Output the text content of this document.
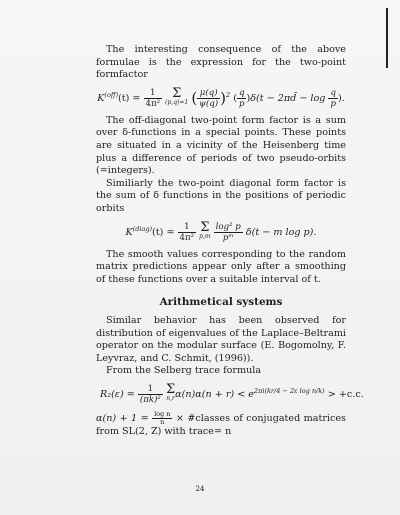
The interesting consequence of the above formulae is the expression for the two-point formfactor

$K^{(off)}(t) = \frac{1}{\text{4π²}}$
Σ
(p,q)=1 ( $\frac{\mu(q)}{\psi(q)} )^2$ ( $\frac{q}{p} )\delta(t$ − 2πd̄ − $\log \frac{q}{p}$ ).

The off-diagonal two-point form factor is a sum over δ-functions in a special points. These points are situated in a vicinity of the Heisenberg time plus a difference of periods of two pseudo-orbits (=integers).

Similiarly the two-point diagonal form factor is the sum of δ functions in the positions of periodic orbits

$K^{(diag)}(t) = \frac{1}{\text{4π²}}$
Σ
p,m
$\frac{\text{log² p}}{\text{pᵐ}} \delta(t - m$ log p).

The smooth values corresponding to the random matrix predictions appear only after a smoothing of these functions over a suitable interval of t.

Arithmetical systems

Similar behavior has been observed for distribution of eigenvalues of the Laplace–Beltrami operator on the modular surface (E. Bogomolny, F. Leyvraz, and C. Schmit, (1996)).

From the Selberg trace formula

$R_2(\varepsilon) = \frac{1}{\text{(πk)²}}$
Σ
n,r $\alpha(n)\alpha(n + r) < e^{2\pi i(kr/4 - 2\varepsilon log n/k)} > +c.c$.

$\alpha(n) + 1 = \frac{\text{log n}}{n}$ × #classes of conjugated matrices from SL(2, Z) with trace= n

24
